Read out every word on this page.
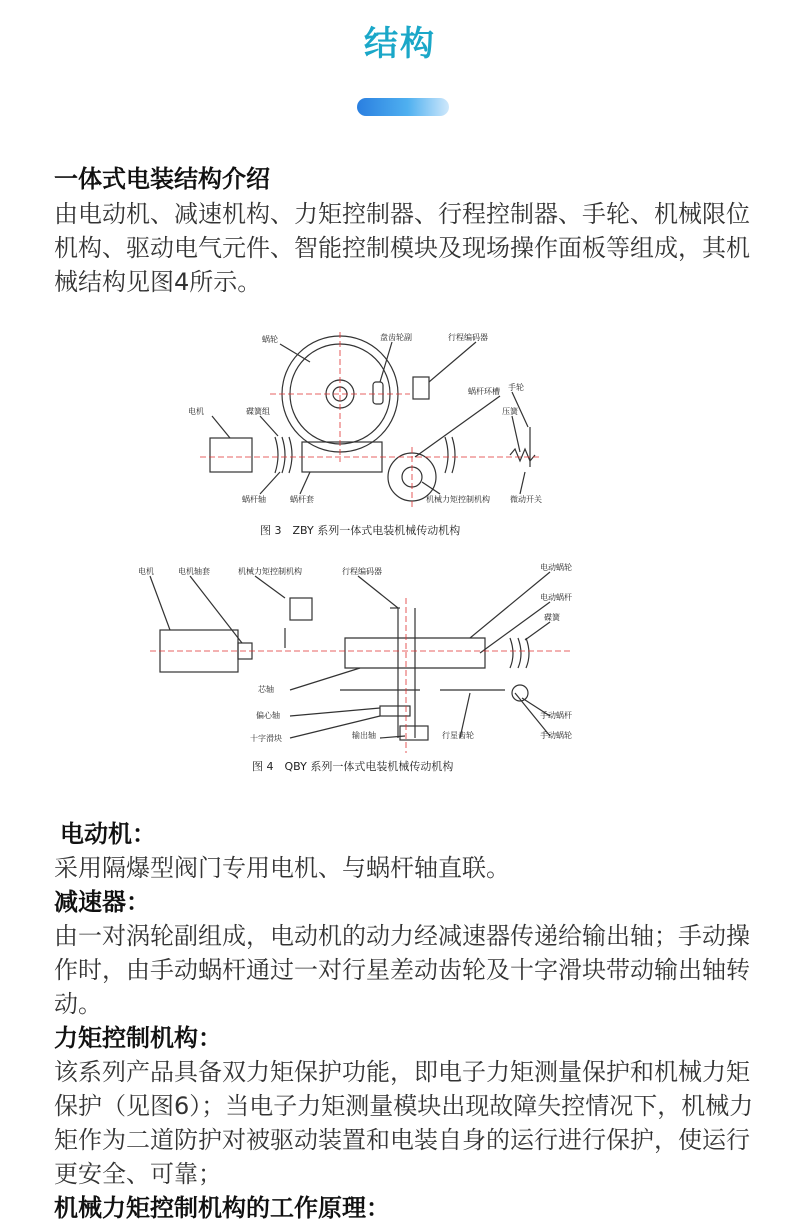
结构
一体式电装结构介绍
由电动机、减速机构、力矩控制器、行程控制器、手轮、机械限位机构、驱动电气元件、智能控制模块及现场操作面板等组成，其机械结构见图4所示。
蜗轮	盘齿轮副	行程编码器
电机	碟簧组
蜗杆环槽 手轮
压簧
蜗杆轴	蜗杆套	机械力矩控制机构	微动开关
图 3　ZBY 系列一体式电装机械传动机构
电机	电机轴套	机械力矩控制机构	行程编码器	电动蜗轮
电动蜗杆
碟簧
芯轴
偏心轴
十字滑块	输出轴	行星齿轮
手动蜗杆
手动蜗轮
图 4　QBY 系列一体式电装机械传动机构
电动机：
采用隔爆型阀门专用电机、与蜗杆轴直联。
减速器：
由一对涡轮副组成，电动机的动力经减速器传递给输出轴；手动操作时，由手动蜗杆通过一对行星差动齿轮及十字滑块带动输出轴转动。
力矩控制机构：
该系列产品具备双力矩保护功能，即电子力矩测量保护和机械力矩保护（见图6）；当电子力矩测量模块出现故障失控情况下，机械力矩作为二道防护对被驱动装置和电装自身的运行进行保护，使运行更安全、可靠；
机械力矩控制机构的工作原理：
